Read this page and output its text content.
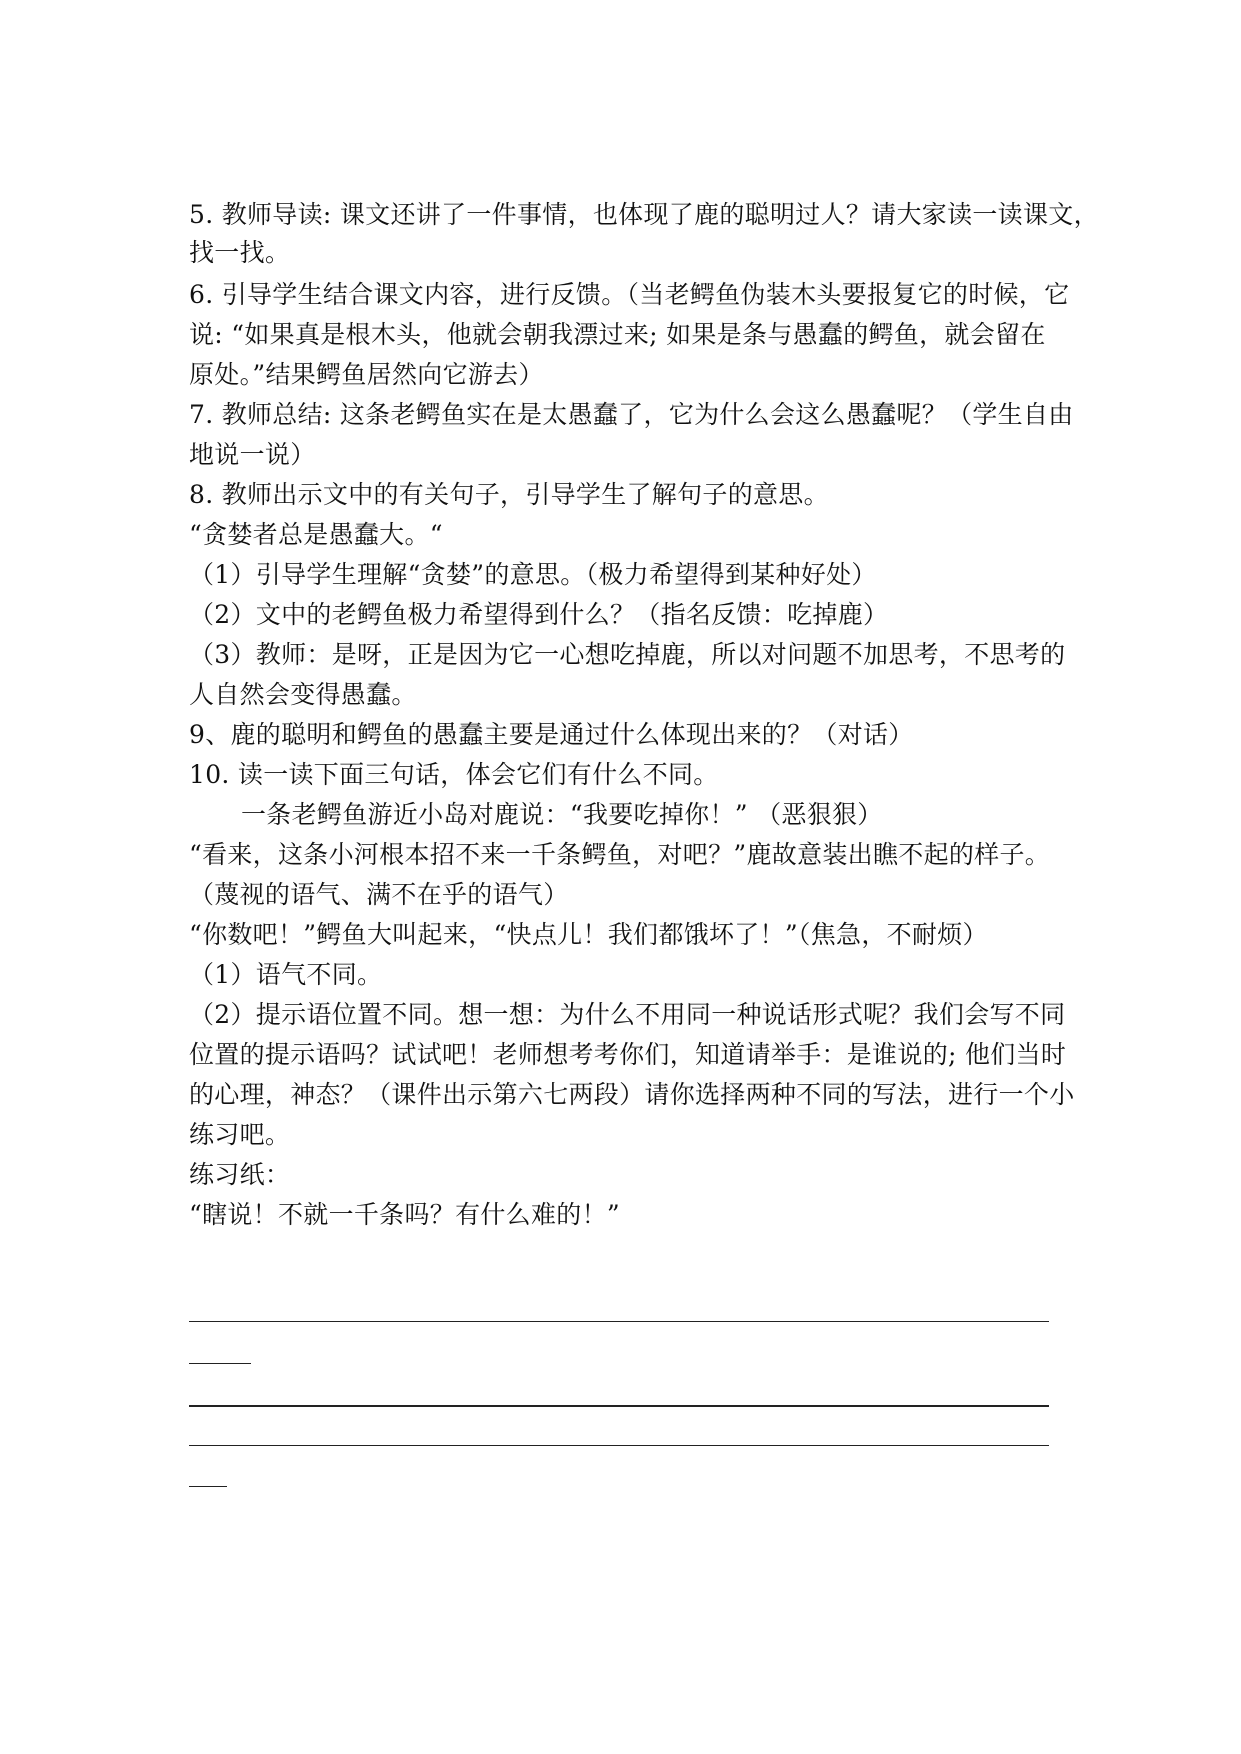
5. 教师导读: 课文还讲了一件事情，也体现了鹿的聪明过人？请大家读一读课文，
找一找。
6. 引导学生结合课文内容，进行反馈。（当老鳄鱼伪装木头要报复它的时候，它
说: “如果真是根木头，他就会朝我漂过来; 如果是条与愚蠢的鳄鱼，就会留在
原处。”结果鳄鱼居然向它游去）
7. 教师总结: 这条老鳄鱼实在是太愚蠢了，它为什么会这么愚蠢呢？（学生自由
地说一说）
8. 教师出示文中的有关句子，引导学生了解句子的意思。
“贪婪者总是愚蠢大。“
（1）引导学生理解“贪婪”的意思。（极力希望得到某种好处）
（2）文中的老鳄鱼极力希望得到什么？（指名反馈：吃掉鹿）
（3）教师：是呀，正是因为它一心想吃掉鹿，所以对问题不加思考，不思考的
人自然会变得愚蠢。
9、鹿的聪明和鳄鱼的愚蠢主要是通过什么体现出来的？（对话）
10. 读一读下面三句话，体会它们有什么不同。
一条老鳄鱼游近小岛对鹿说：“我要吃掉你！” （恶狠狠）
“看来，这条小河根本招不来一千条鳄鱼，对吧？”鹿故意装出瞧不起的样子。
（蔑视的语气、满不在乎的语气）
“你数吧！”鳄鱼大叫起来，“快点儿！我们都饿坏了！”（焦急，不耐烦）
（1）语气不同。
（2）提示语位置不同。想一想：为什么不用同一种说话形式呢？我们会写不同
位置的提示语吗？试试吧！老师想考考你们，知道请举手：是谁说的; 他们当时
的心理，神态？（课件出示第六七两段）请你选择两种不同的写法，进行一个小
练习吧。
练习纸：
“瞎说！不就一千条吗？有什么难的！”
